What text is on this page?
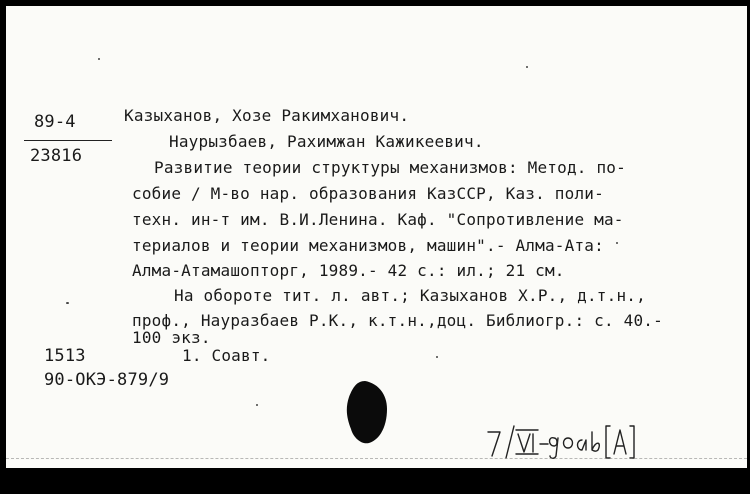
89-4
23816
Казыханов, Хозе Ракимханович.
Наурызбаев, Рахимжан Кажикеевич.
Развитие теории структуры механизмов: Метод. по-
собие / М-во нар. образования КазССР, Каз. поли-
техн. ин-т им. В.И.Ленина. Каф. "Сопротивление ма-
териалов и теории механизмов, машин".- Алма-Ата:
Алма-Атамашопторг, 1989.- 42 с.: ил.; 21 см.
На обороте тит. л. авт.; Казыханов Х.Р., д.т.н.,
проф., Науразбаев Р.К., к.т.н.,доц. Библиогр.: с. 40.-
100 экз.
1513	1. Соавт.
90-ОКЭ-879/9
